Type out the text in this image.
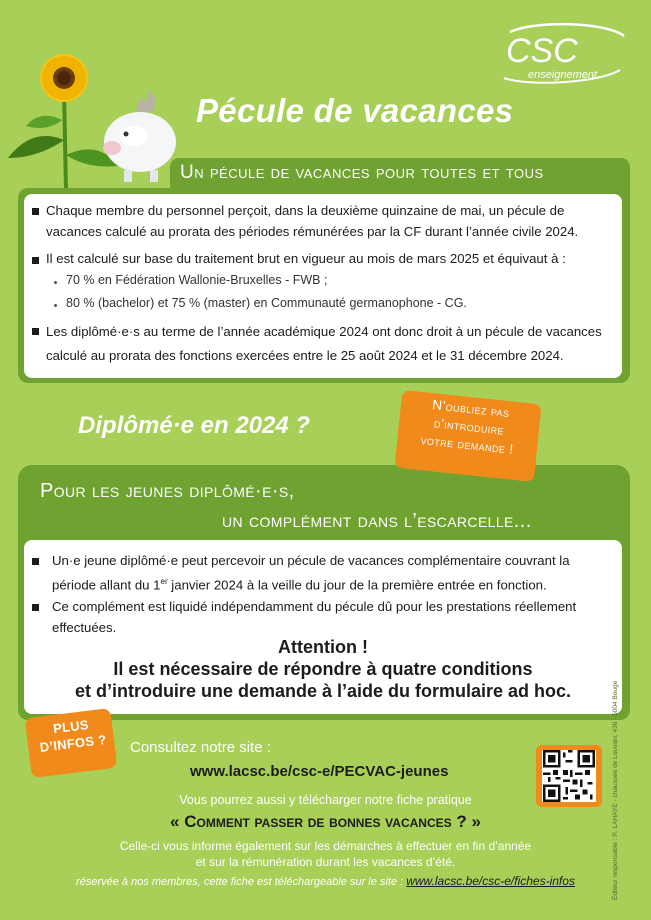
CSC
enseignement
Pécule de vacances
Un pécule de vacances pour toutes et tous
Chaque membre du personnel perçoit, dans la deuxième quinzaine de mai, un pécule de
vacances calculé au prorata des périodes rémunérées par la CF durant l’année civile 2024.
Il est calculé sur base du traitement brut en vigueur au mois de mars 2025 et équivaut à :
70 % en Fédération Wallonie-Bruxelles - FWB ;
80 % (bachelor) et 75 % (master) en Communauté germanophone - CG.
Les diplômé·e·s au terme de l’année académique 2024 ont donc droit à un pécule de vacances
calculé au prorata des fonctions exercées entre le 25 août 2024 et le 31 décembre 2024.
Diplômé·e en 2024 ?
Pour les jeunes diplômé·e·s,
un complément dans l’escarcelle...
Un·e jeune diplômé·e peut percevoir un pécule de vacances complémentaire couvrant la
période allant du 1er janvier 2024 à la veille du jour de la première entrée en fonction.
Ce complément est liquidé indépendamment du pécule dû pour les prestations réellement
effectuées.
Attention !
Il est nécessaire de répondre à quatre conditions
et d’introduire une demande à l’aide du formulaire ad hoc.
N’oubliez pas
d’introduire
votre demande !
PLUS
D’INFOS ?	Consultez notre site :
www.lacsc.be/csc-e/PECVAC-jeunes
Vous pourrez aussi y télécharger notre fiche pratique
« Comment passer de bonnes vacances ? »
Celle-ci vous informe également sur les démarches à effectuer en fin d’année
et sur la rémunération durant les vacances d’été.
réservée à nos membres, cette fiche est téléchargeable sur le site : www.lacsc.be/csc-e/fiches-infos	Éditeur responsable : R. LAHAYE - chaussée de Louvain, 436 - 5004 Bouge
